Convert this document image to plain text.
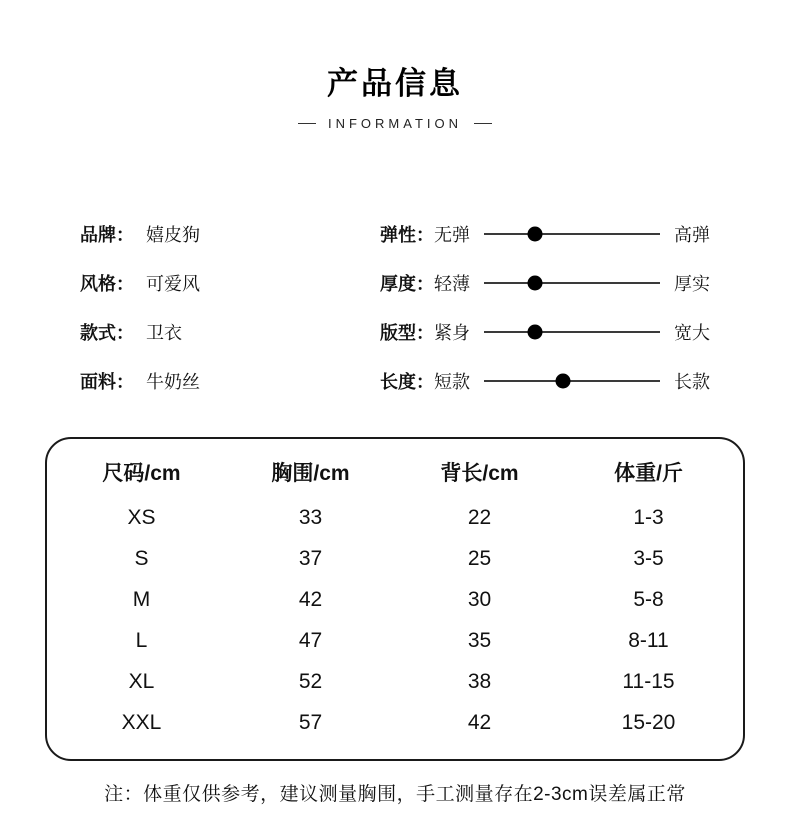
产品信息
INFORMATION
品牌： 嬉皮狗	弹性： 无弹	高弹
风格： 可爱风	厚度： 轻薄	厚实
款式： 卫衣	版型： 紧身	宽大
面料： 牛奶丝	长度： 短款	长款
尺码/cm	胸围/cm	背长/cm	体重/斤
XS	33	22	1-3
S	37	25	3-5
M	42	30	5-8
L	47	35	8-11
XL	52	38	11-15
XXL	57	42	15-20
注：体重仅供参考，建议测量胸围，手工测量存在2-3cm误差属正常
